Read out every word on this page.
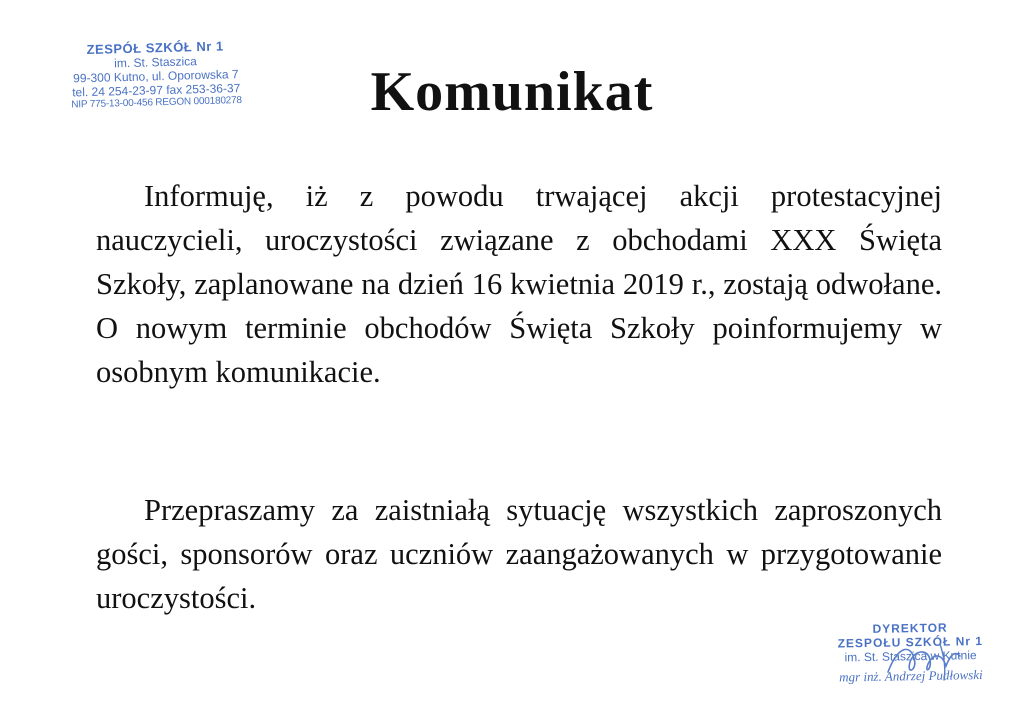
ZESPÓŁ SZKÓŁ Nr 1
im. St. Staszica
99-300 Kutno, ul. Oporowska 7
tel. 24 254-23-97 fax 253-36-37
NIP 775-13-00-456 REGON 000180278	Komunikat

Informuję, iż z powodu trwającej akcji protestacyjnej nauczycieli, uroczystości związane z obchodami XXX Święta Szkoły, zaplanowane na dzień 16 kwietnia 2019 r., zostają odwołane. O nowym terminie obchodów Święta Szkoły poinformujemy w osobnym komunikacie.

Przepraszamy za zaistniałą sytuację wszystkich zaproszonych gości, sponsorów oraz uczniów zaangażowanych w przygotowanie uroczystości.

DYREKTOR
ZESPOŁU SZKÓŁ Nr 1
im. St. Staszica w Kutnie
mgr inż. Andrzej Pudłowski
